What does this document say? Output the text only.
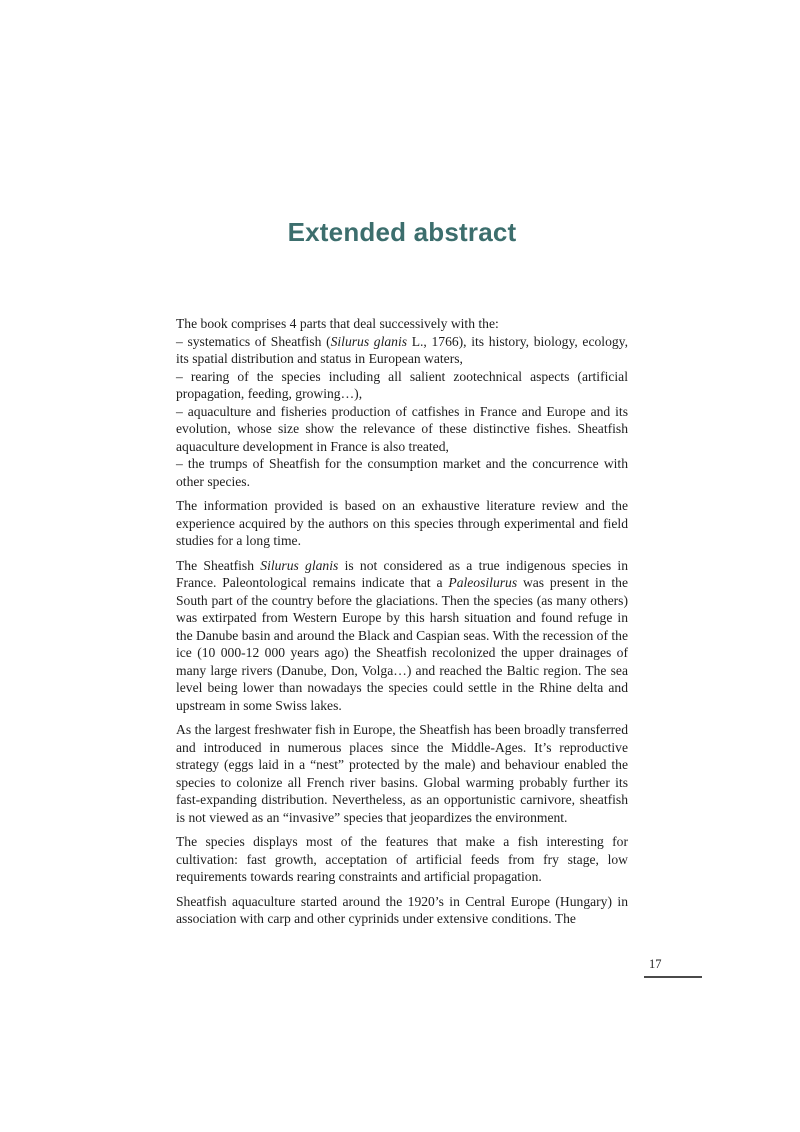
Extended abstract

The book comprises 4 parts that deal successively with the:

– systematics of Sheatfish (Silurus glanis L., 1766), its history, biology, ecology, its spatial distribution and status in European waters,

– rearing of the species including all salient zootechnical aspects (artificial propagation, feeding, growing…),

– aquaculture and fisheries production of catfishes in France and Europe and its evolution, whose size show the relevance of these distinctive fishes. Sheatfish aquaculture development in France is also treated,

– the trumps of Sheatfish for the consumption market and the concurrence with other species.

The information provided is based on an exhaustive literature review and the experience acquired by the authors on this species through experimental and field studies for a long time.

The Sheatfish Silurus glanis is not considered as a true indigenous species in France. Paleontological remains indicate that a Paleosilurus was present in the South part of the country before the glaciations. Then the species (as many others) was extirpated from Western Europe by this harsh situation and found refuge in the Danube basin and around the Black and Caspian seas. With the recession of the ice (10 000-12 000 years ago) the Sheatfish recolonized the upper drainages of many large rivers (Danube, Don, Volga…) and reached the Baltic region. The sea level being lower than nowadays the species could settle in the Rhine delta and upstream in some Swiss lakes.

As the largest freshwater fish in Europe, the Sheatfish has been broadly transferred and introduced in numerous places since the Middle-Ages. It’s reproductive strategy (eggs laid in a “nest” protected by the male) and behaviour enabled the species to colonize all French river basins. Global warming probably further its fast-expanding distribution. Nevertheless, as an opportunistic carnivore, sheatfish is not viewed as an “invasive” species that jeopardizes the environment.

The species displays most of the features that make a fish interesting for cultivation: fast growth, acceptation of artificial feeds from fry stage, low requirements towards rearing constraints and artificial propagation.

Sheatfish aquaculture started around the 1920’s in Central Europe (Hungary) in association with carp and other cyprinids under extensive conditions. The

17
